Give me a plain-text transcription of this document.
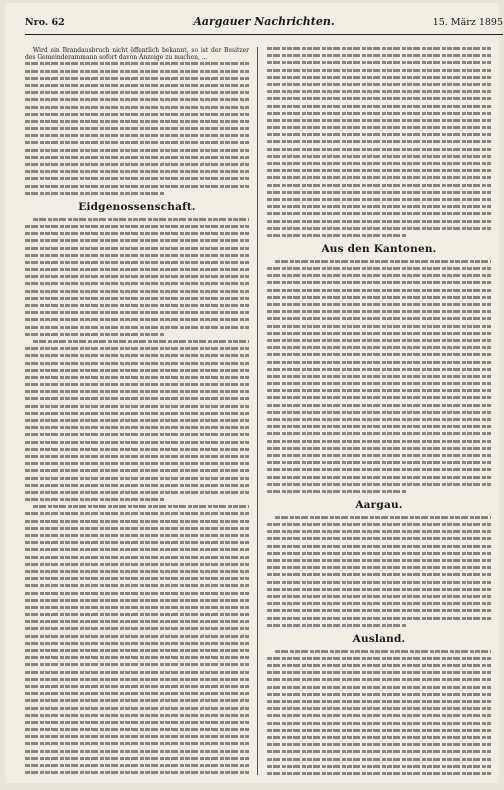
Nro. 62	Aargauer Nachrichten.	15. März 1895

Wird ein Brandausbruch nicht öffentlich bekannt, so ist der Besitzer des Gemeinderammann sofort davon Anzeige zu machen, ...

Eidgenossenschaft.
Aus den Kantonen.
Aargau.
Ausland.
